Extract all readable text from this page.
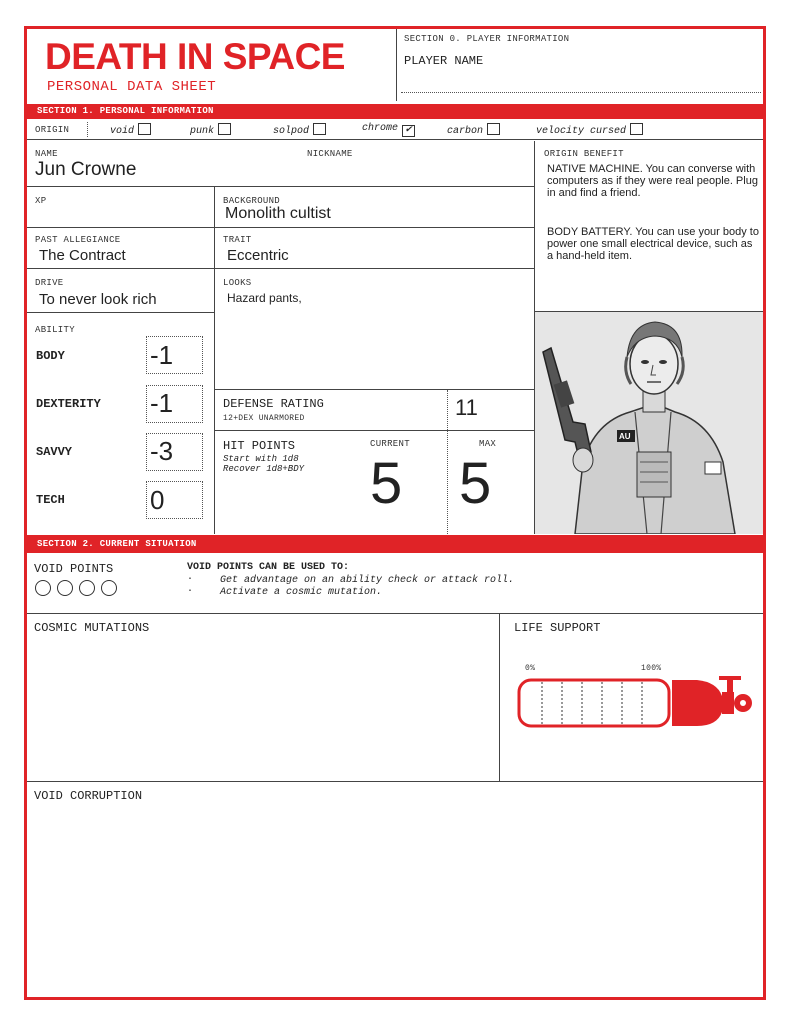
DEATH IN SPACE
PERSONAL DATA SHEET
SECTION 0. PLAYER INFORMATION
PLAYER NAME
SECTION 1. PERSONAL INFORMATION
ORIGIN	void	punk	solpod	chrome ✔	carbon	velocity cursed
NAME
Jun Crowne
NICKNAME
XP	BACKGROUND
Monolith cultist
PAST ALLEGIANCE
The Contract
TRAIT
Eccentric
DRIVE
To never look rich
LOOKS
Hazard pants,
ABILITY
BODY	-1
DEXTERITY -1
SAVVY	-3
TECH	0
DEFENSE RATING
12+DEX UNARMORED	11
HIT POINTS
Start with 1d8
Recover 1d8+BDY
CURRENT
5
MAX
5
ORIGIN BENEFIT
NATIVE MACHINE. You can converse with computers as if they were real people. Plug in and find a friend.
BODY BATTERY. You can use your body to power one small electrical device, such as a hand-held item.
AU
SECTION 2. CURRENT SITUATION
VOID POINTS	VOID POINTS CAN BE USED TO:
·	Get advantage on an ability check or attack roll.
·	Activate a cosmic mutation.
COSMIC MUTATIONS	LIFE SUPPORT
0%	100%
VOID CORRUPTION
